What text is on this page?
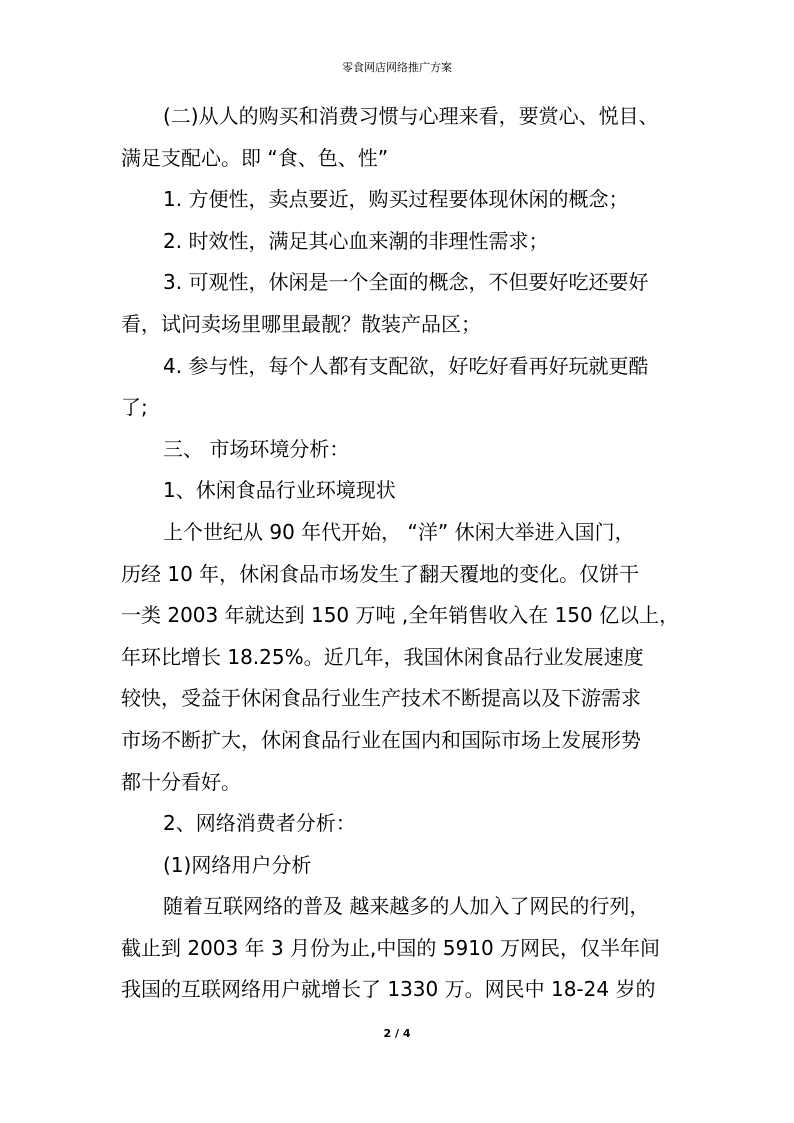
零食网店网络推广方案

(二)从人的购买和消费习惯与心理来看，要赏心、悦目、

满足支配心。即 “食、色、性”

1. 方便性，卖点要近，购买过程要体现休闲的概念；

2. 时效性，满足其心血来潮的非理性需求；

3. 可观性，休闲是一个全面的概念，不但要好吃还要好

看，试问卖场里哪里最靓？散装产品区；

4. 参与性，每个人都有支配欲，好吃好看再好玩就更酷

了;

三、 市场环境分析：

1、休闲食品行业环境现状

上个世纪从 90 年代开始， “洋” 休闲大举进入国门，

历经 10 年，休闲食品市场发生了翻天覆地的变化。仅饼干

一类 2003 年就达到 150 万吨 ,全年销售收入在 150 亿以上，

年环比增长 18.25%。近几年，我国休闲食品行业发展速度

较快，受益于休闲食品行业生产技术不断提高以及下游需求

市场不断扩大，休闲食品行业在国内和国际市场上发展形势

都十分看好。

2、网络消费者分析：

(1)网络用户分析

随着互联网络的普及 越来越多的人加入了网民的行列，

截止到 2003 年 3 月份为止,中国的 5910 万网民，仅半年间

我国的互联网络用户就增长了 1330 万。网民中 18-24 岁的

2 / 4
